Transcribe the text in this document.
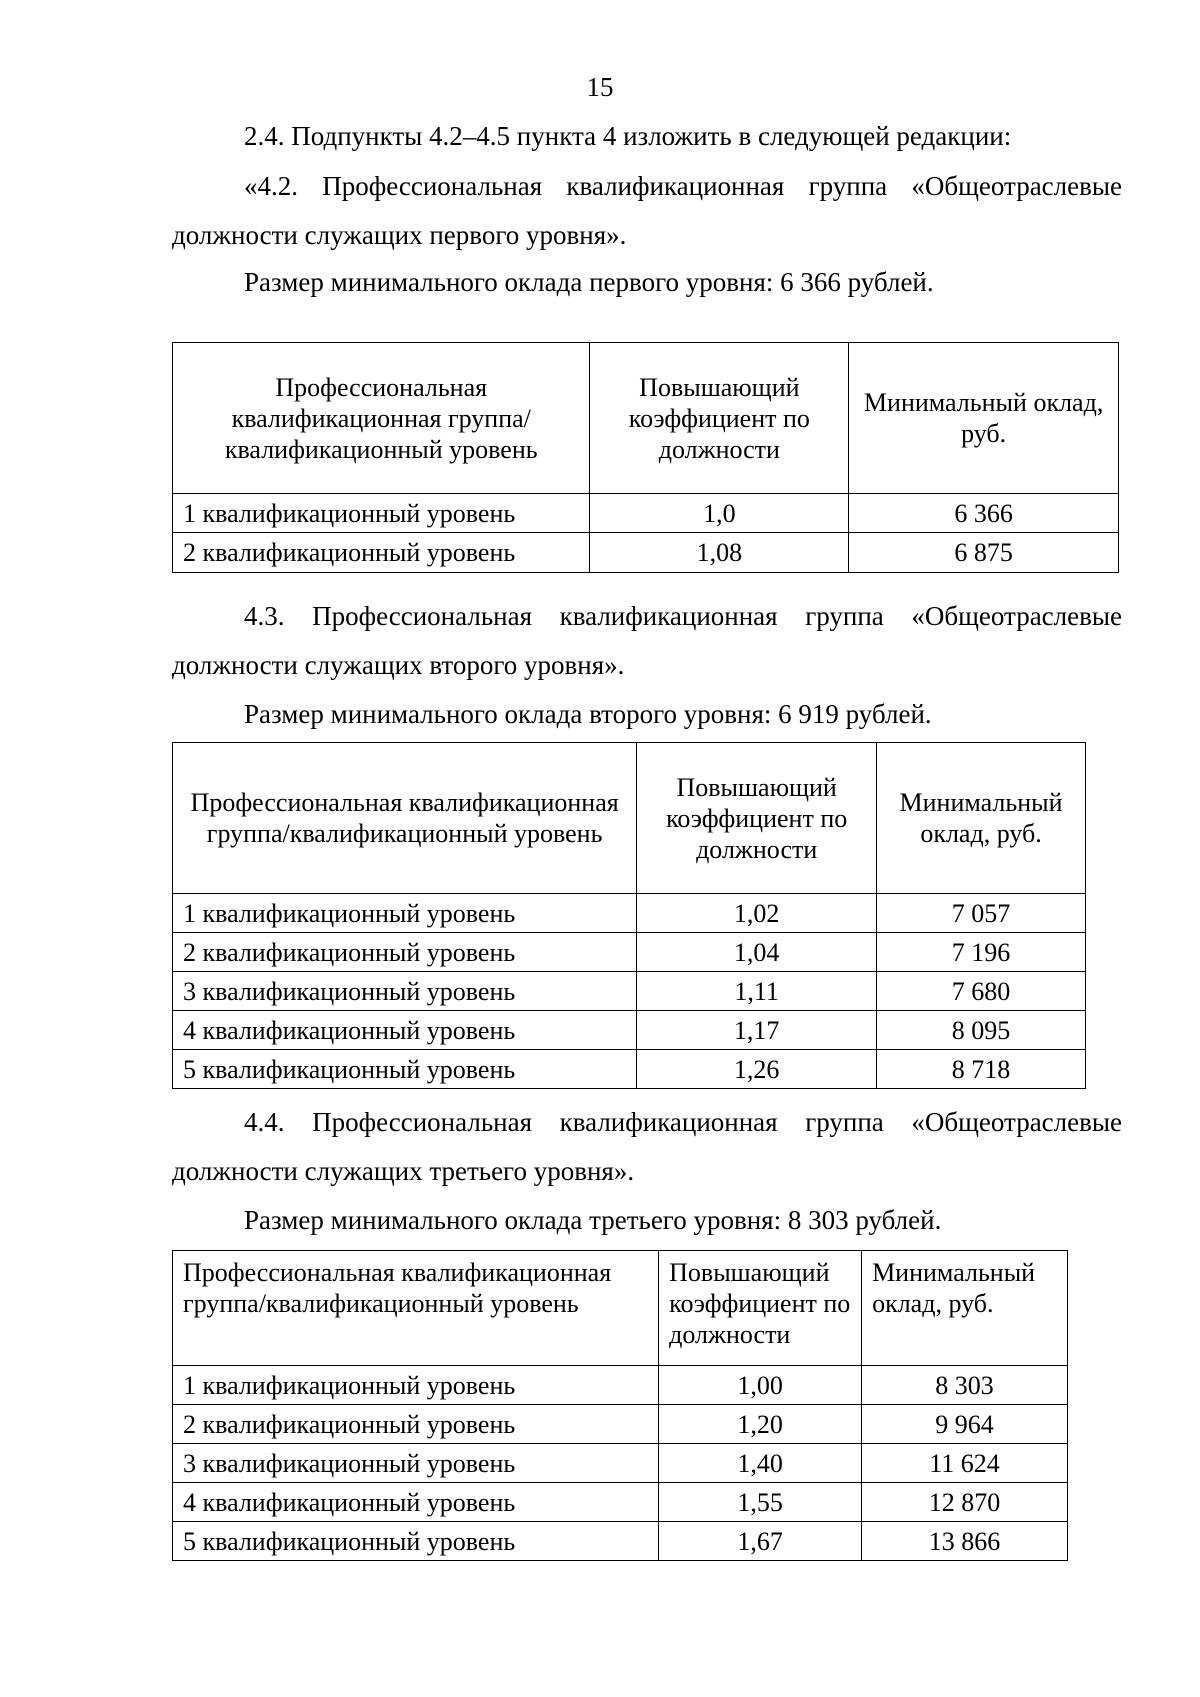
15

2.4. Подпункты 4.2–4.5 пункта 4 изложить в следующей редакции:

«4.2. Профессиональная квалификационная группа «Общеотраслевые должности служащих первого уровня».

Размер минимального оклада первого уровня: 6 366 рублей.

Профессиональная квалификационная группа/квалификационный уровень	Повышающий коэффициент по должности	Минимальный оклад, руб.
1 квалификационный уровень	1,0	6 366
2 квалификационный уровень	1,08	6 875

4.3. Профессиональная квалификационная группа «Общеотраслевые должности служащих второго уровня».

Размер минимального оклада второго уровня: 6 919 рублей.

Профессиональная квалификационная группа/квалификационный уровень	Повышающий коэффициент по должности	Минимальный оклад, руб.
1 квалификационный уровень	1,02	7 057
2 квалификационный уровень	1,04	7 196
3 квалификационный уровень	1,11	7 680
4 квалификационный уровень	1,17	8 095
5 квалификационный уровень	1,26	8 718

4.4. Профессиональная квалификационная группа «Общеотраслевые должности служащих третьего уровня».

Размер минимального оклада третьего уровня: 8 303 рублей.

Профессиональная квалификационная группа/квалификационный уровень	Повышающий коэффициент по должности	Минимальный оклад, руб.
1 квалификационный уровень	1,00	8 303
2 квалификационный уровень	1,20	9 964
3 квалификационный уровень	1,40	11 624
4 квалификационный уровень	1,55	12 870
5 квалификационный уровень	1,67	13 866
